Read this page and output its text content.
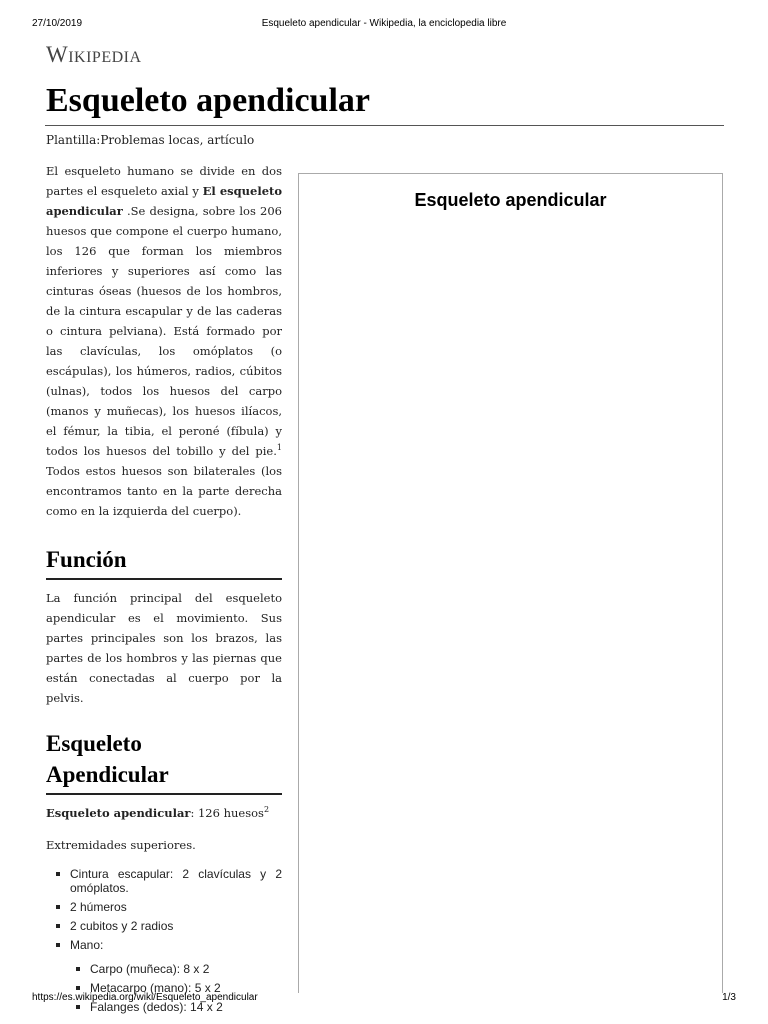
27/10/2019	Esqueleto apendicular - Wikipedia, la enciclopedia libre
Wikipedia
Esqueleto apendicular

Plantilla:Problemas locas, artículo

El esqueleto humano se divide en dos partes el esqueleto axial y El esqueleto apendicular .Se designa, sobre los 206 huesos que compone el cuerpo humano, los 126 que forman los miembros inferiores y superiores así como las cinturas óseas (huesos de los hombros, de la cintura escapular y de las caderas o cintura pelviana). Está formado por las clavículas, los omóplatos (o escápulas), los húmeros, radios, cúbitos (ulnas), todos los huesos del carpo (manos y muñecas), los huesos ilíacos, el fémur, la tibia, el peroné (fíbula) y todos los huesos del tobillo y del pie.$^1$ Todos estos huesos son bilaterales (los encontramos tanto en la parte derecha como en la izquierda del cuerpo).

Función

La función principal del esqueleto apendicular es el movimiento. Sus partes principales son los brazos, las partes de los hombros y las piernas que están conectadas al cuerpo por la pelvis.

Esqueleto
Apendicular

Esqueleto apendicular: 126 huesos$^2$

Extremidades superiores.

Cintura escapular: 2 clavículas y 2 omóplatos.
2 húmeros
2 cubitos y 2 radios
Mano:
Carpo (muñeca): 8 x 2
Metacarpo (mano): 5 x 2
Falanges (dedos): 14 x 2
Esqueleto apendicular
https://es.wikipedia.org/wiki/Esqueleto_apendicular	1/3
